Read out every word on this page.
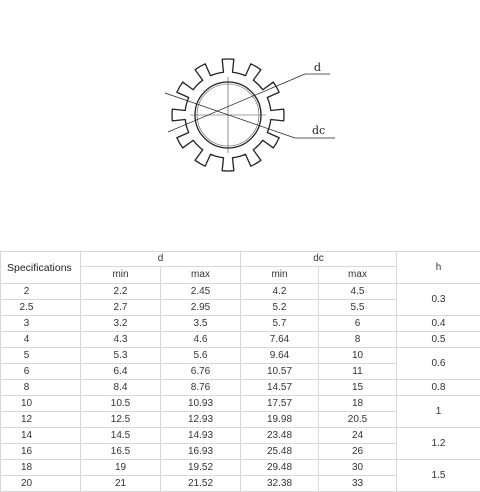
d
dc
Specifications	d		dc		h
	min	max	min	max	
2	2.2	2.45	4.2	4.5	0.3
2.5	2.7	2.95	5.2	5.5	
3	3.2	3.5	5.7	6	0.4
4	4.3	4.6	7.64	8	0.5
5	5.3	5.6	9.64	10	0.6
6	6.4	6.76	10.57	11	
8	8.4	8.76	14.57	15	0.8
10	10.5	10.93	17.57	18	1
12	12.5	12.93	19.98	20.5	
14	14.5	14.93	23.48	24	1.2
16	16.5	16.93	25.48	26	
18	19	19.52	29.48	30	1.5
20	21	21.52	32.38	33	
